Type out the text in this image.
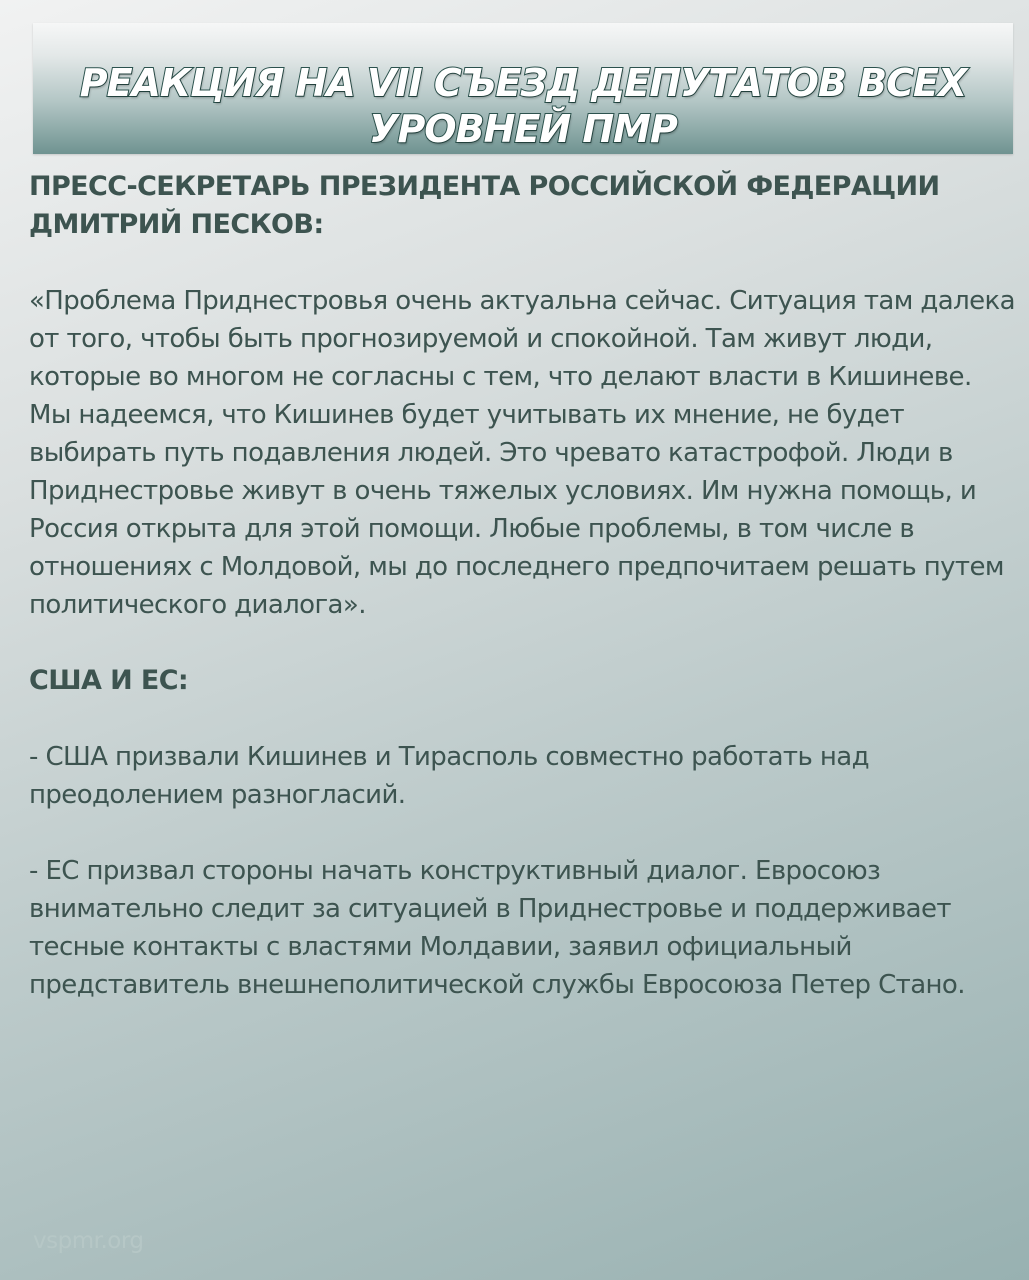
РЕАКЦИЯ НА VII СЪЕЗД ДЕПУТАТОВ ВСЕХ
УРОВНЕЙ ПМР

ПРЕСС-СЕКРЕТАРЬ ПРЕЗИДЕНТА РОССИЙСКОЙ ФЕДЕРАЦИИ ДМИТРИЙ ПЕСКОВ:

«Проблема Приднестровья очень актуальна сейчас. Ситуация там далека от того, чтобы быть прогнозируемой и спокойной. Там живут люди, которые во многом не согласны с тем, что делают власти в Кишиневе. Мы надеемся, что Кишинев будет учитывать их мнение, не будет выбирать путь подавления людей. Это чревато катастрофой. Люди в Приднестровье живут в очень тяжелых условиях. Им нужна помощь, и Россия открыта для этой помощи. Любые проблемы, в том числе в отношениях с Молдовой, мы до последнего предпочитаем решать путем политического диалога».

США И ЕС:

- США призвали Кишинев и Тирасполь совместно работать над преодолением разногласий.

- ЕС призвал стороны начать конструктивный диалог. Евросоюз внимательно следит за ситуацией в Приднестровье и поддерживает тесные контакты с властями Молдавии, заявил официальный представитель внешнеполитической службы Евросоюза Петер Стано.

vspmr.org
